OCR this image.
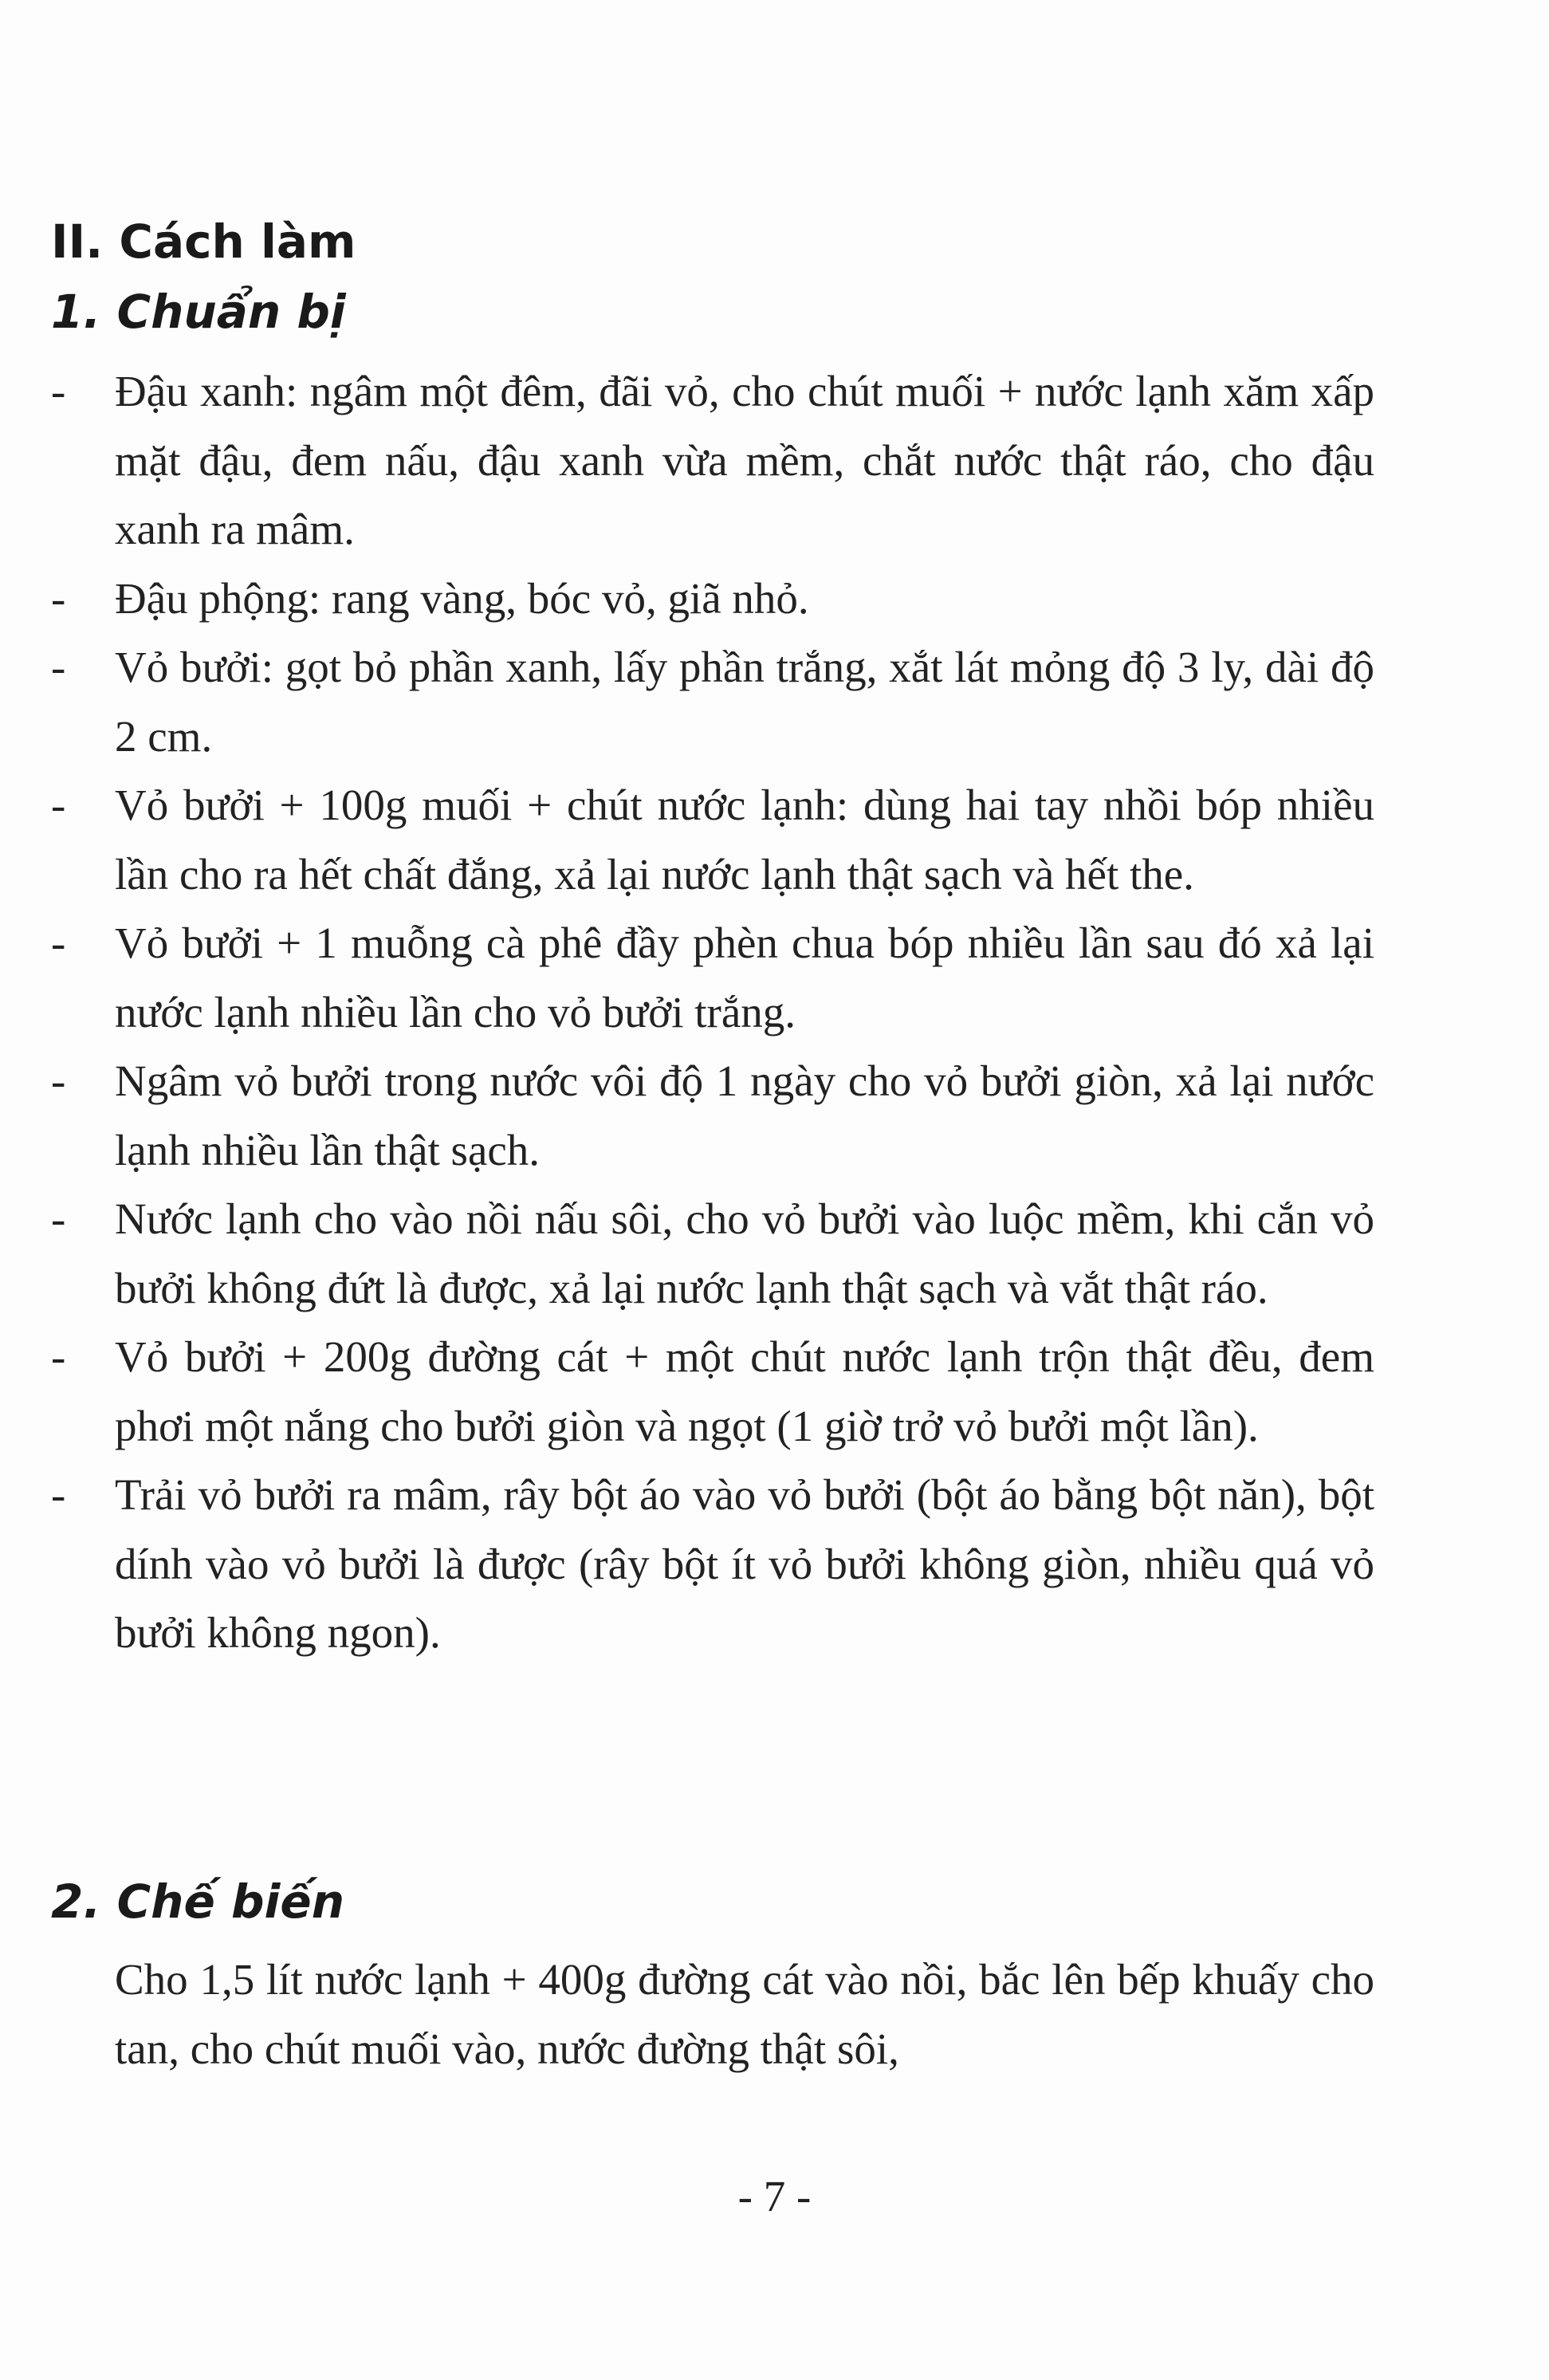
II. Cách làm
1. Chuẩn bị
- Đậu xanh: ngâm một đêm, đãi vỏ, cho chút muối + nước lạnh xăm xấp mặt đậu, đem nấu, đậu xanh vừa mềm, chắt nước thật ráo, cho đậu xanh ra mâm.
- Đậu phộng: rang vàng, bóc vỏ, giã nhỏ.
- Vỏ bưởi: gọt bỏ phần xanh, lấy phần trắng, xắt lát mỏng độ 3 ly, dài độ 2 cm.
- Vỏ bưởi + 100g muối + chút nước lạnh: dùng hai tay nhồi bóp nhiều lần cho ra hết chất đắng, xả lại nước lạnh thật sạch và hết the.
- Vỏ bưởi + 1 muỗng cà phê đầy phèn chua bóp nhiều lần sau đó xả lại nước lạnh nhiều lần cho vỏ bưởi trắng.
- Ngâm vỏ bưởi trong nước vôi độ 1 ngày cho vỏ bưởi giòn, xả lại nước lạnh nhiều lần thật sạch.
- Nước lạnh cho vào nồi nấu sôi, cho vỏ bưởi vào luộc mềm, khi cắn vỏ bưởi không đứt là được, xả lại nước lạnh thật sạch và vắt thật ráo.
- Vỏ bưởi + 200g đường cát + một chút nước lạnh trộn thật đều, đem phơi một nắng cho bưởi giòn và ngọt (1 giờ trở vỏ bưởi một lần).
- Trải vỏ bưởi ra mâm, rây bột áo vào vỏ bưởi (bột áo bằng bột năn), bột dính vào vỏ bưởi là được (rây bột ít vỏ bưởi không giòn, nhiều quá vỏ bưởi không ngon).
2. Chế biến

Cho 1,5 lít nước lạnh + 400g đường cát vào nồi, bắc lên bếp khuấy cho tan, cho chút muối vào, nước đường thật sôi,

- 7 -
